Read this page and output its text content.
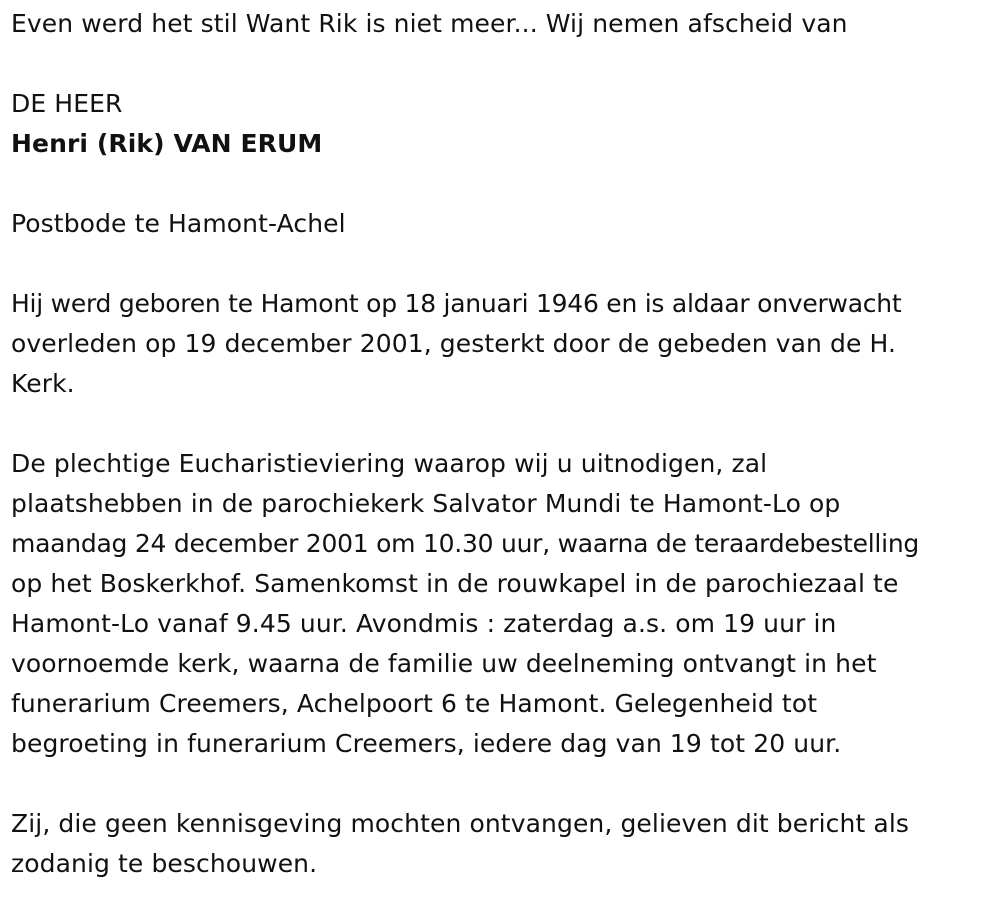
Even werd het stil Want Rik is niet meer... Wij nemen afscheid van
DE HEER
Henri (Rik) VAN ERUM
Postbode te Hamont-Achel
Hij werd geboren te Hamont op 18 januari 1946 en is aldaar onverwacht
overleden op 19 december 2001, gesterkt door de gebeden van de H.
Kerk.
De plechtige Eucharistieviering waarop wij u uitnodigen, zal
plaatshebben in de parochiekerk Salvator Mundi te Hamont-Lo op
maandag 24 december 2001 om 10.30 uur, waarna de teraardebestelling
op het Boskerkhof. Samenkomst in de rouwkapel in de parochiezaal te
Hamont-Lo vanaf 9.45 uur. Avondmis : zaterdag a.s. om 19 uur in
voornoemde kerk, waarna de familie uw deelneming ontvangt in het
funerarium Creemers, Achelpoort 6 te Hamont. Gelegenheid tot
begroeting in funerarium Creemers, iedere dag van 19 tot 20 uur.
Zij, die geen kennisgeving mochten ontvangen, gelieven dit bericht als
zodanig te beschouwen.
